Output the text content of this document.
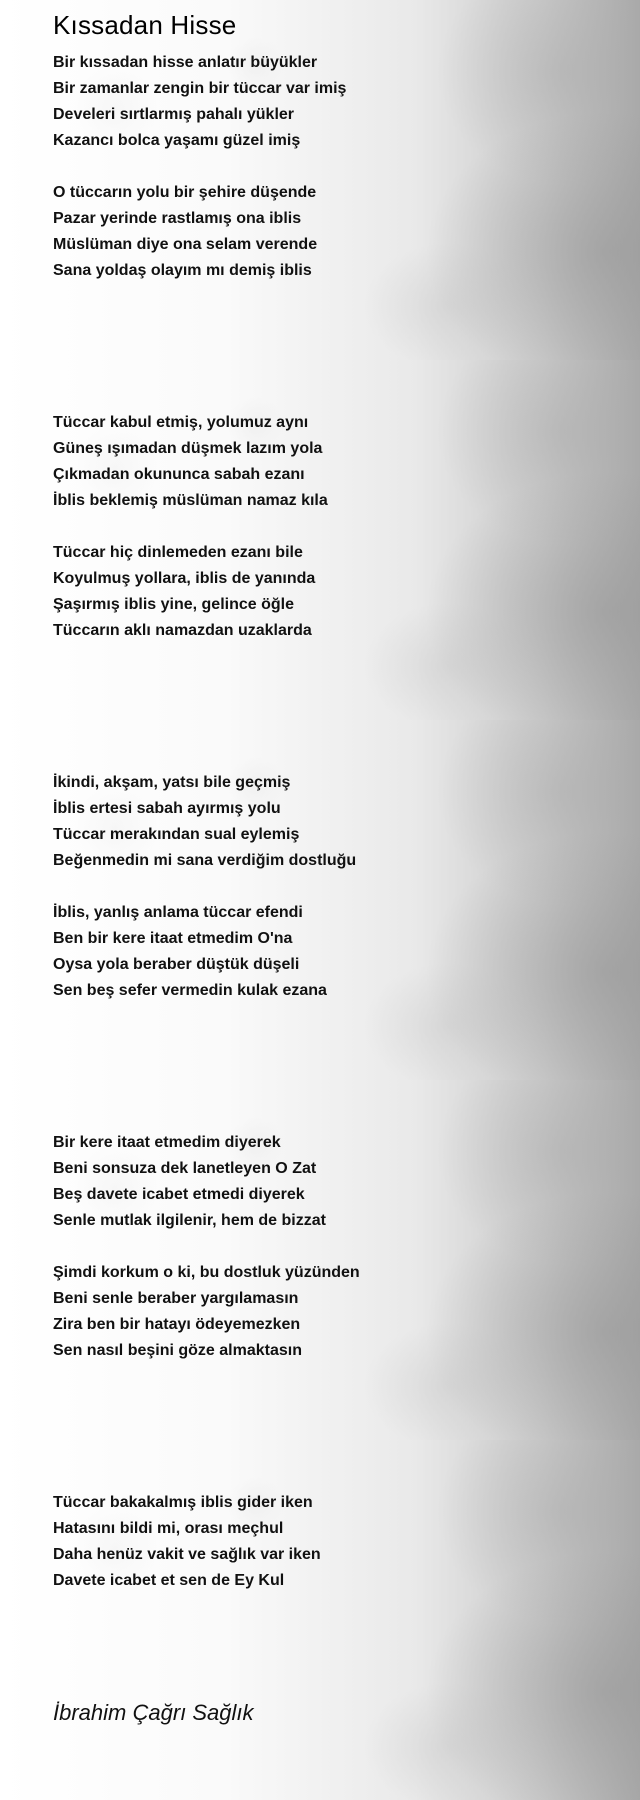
Kıssadan Hisse

Bir kıssadan hisse anlatır büyükler
Bir zamanlar zengin bir tüccar var imiş
Develeri sırtlarmış pahalı yükler
Kazancı bolca yaşamı güzel imiş

O tüccarın yolu bir şehire düşende
Pazar yerinde rastlamış ona iblis
Müslüman diye ona selam verende
Sana yoldaş olayım mı demiş iblis

Tüccar kabul etmiş, yolumuz aynı
Güneş ışımadan düşmek lazım yola
Çıkmadan okununca sabah ezanı
İblis beklemiş müslüman namaz kıla

Tüccar hiç dinlemeden ezanı bile
Koyulmuş yollara, iblis de yanında
Şaşırmış iblis yine, gelince öğle
Tüccarın aklı namazdan uzaklarda

İkindi, akşam, yatsı bile geçmiş
İblis ertesi sabah ayırmış yolu
Tüccar merakından sual eylemiş
Beğenmedin mi sana verdiğim dostluğu

İblis, yanlış anlama tüccar efendi
Ben bir kere itaat etmedim O'na
Oysa yola beraber düştük düşeli
Sen beş sefer vermedin kulak ezana

Bir kere itaat etmedim diyerek
Beni sonsuza dek lanetleyen O Zat
Beş davete icabet etmedi diyerek
Senle mutlak ilgilenir, hem de bizzat

Şimdi korkum o ki, bu dostluk yüzünden
Beni senle beraber yargılamasın
Zira ben bir hatayı ödeyemezken
Sen nasıl beşini göze almaktasın

Tüccar bakakalmış iblis gider iken
Hatasını bildi mi, orası meçhul
Daha henüz vakit ve sağlık var iken
Davete icabet et sen de Ey Kul

İbrahim Çağrı Sağlık
